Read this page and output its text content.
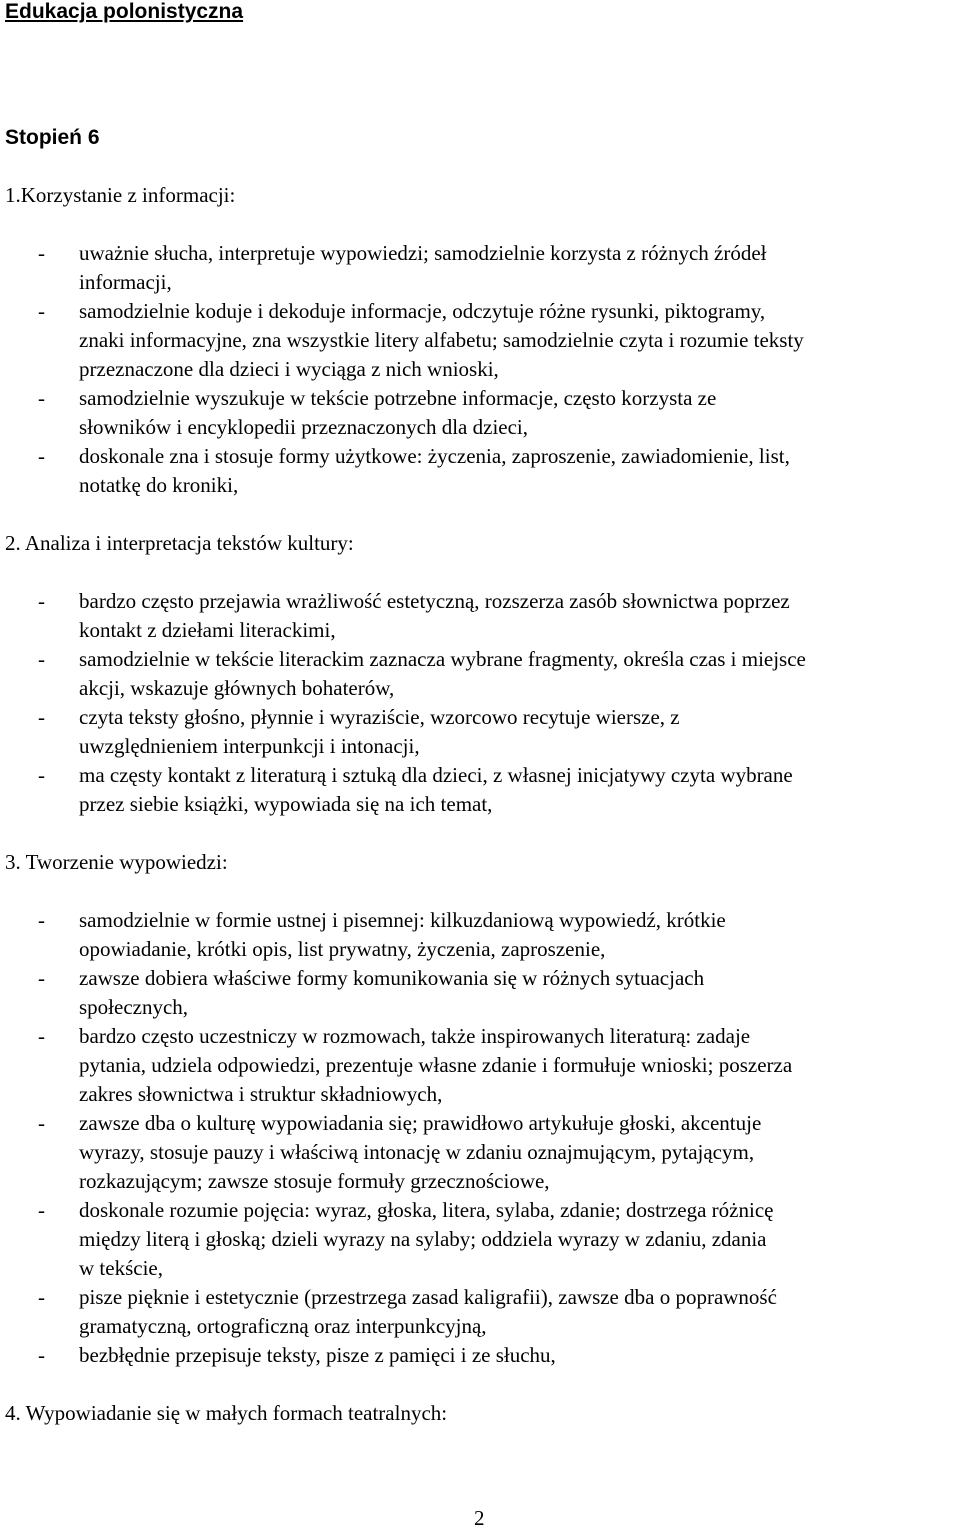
Edukacja polonistyczna
Stopień 6
1.Korzystanie z informacji:
- uważnie słucha, interpretuje wypowiedzi; samodzielnie korzysta z różnych źródeł
informacji,
- samodzielnie koduje i dekoduje informacje, odczytuje różne rysunki, piktogramy,
znaki informacyjne, zna wszystkie litery alfabetu; samodzielnie czyta i rozumie teksty
przeznaczone dla dzieci i wyciąga z nich wnioski,
- samodzielnie wyszukuje w tekście potrzebne informacje, często korzysta ze
słowników i encyklopedii przeznaczonych dla dzieci,
- doskonale zna i stosuje formy użytkowe: życzenia, zaproszenie, zawiadomienie, list,
notatkę do kroniki,
2. Analiza i interpretacja tekstów kultury:
- bardzo często przejawia wrażliwość estetyczną, rozszerza zasób słownictwa poprzez
kontakt z dziełami literackimi,
- samodzielnie w tekście literackim zaznacza wybrane fragmenty, określa czas i miejsce
akcji, wskazuje głównych bohaterów,
- czyta teksty głośno, płynnie i wyraziście, wzorcowo recytuje wiersze, z
uwzględnieniem interpunkcji i intonacji,
- ma częsty kontakt z literaturą i sztuką dla dzieci, z własnej inicjatywy czyta wybrane
przez siebie książki, wypowiada się na ich temat,
3. Tworzenie wypowiedzi:
- samodzielnie w formie ustnej i pisemnej: kilkuzdaniową wypowiedź, krótkie
opowiadanie, krótki opis, list prywatny, życzenia, zaproszenie,
- zawsze dobiera właściwe formy komunikowania się w różnych sytuacjach
społecznych,
- bardzo często uczestniczy w rozmowach, także inspirowanych literaturą: zadaje
pytania, udziela odpowiedzi, prezentuje własne zdanie i formułuje wnioski; poszerza
zakres słownictwa i struktur składniowych,
- zawsze dba o kulturę wypowiadania się; prawidłowo artykułuje głoski, akcentuje
wyrazy, stosuje pauzy i właściwą intonację w zdaniu oznajmującym, pytającym,
rozkazującym; zawsze stosuje formuły grzecznościowe,
- doskonale rozumie pojęcia: wyraz, głoska, litera, sylaba, zdanie; dostrzega różnicę
między literą i głoską; dzieli wyrazy na sylaby; oddziela wyrazy w zdaniu, zdania
w tekście,
- pisze pięknie i estetycznie (przestrzega zasad kaligrafii), zawsze dba o poprawność
gramatyczną, ortograficzną oraz interpunkcyjną,
- bezbłędnie przepisuje teksty, pisze z pamięci i ze słuchu,
4. Wypowiadanie się w małych formach teatralnych:
2
